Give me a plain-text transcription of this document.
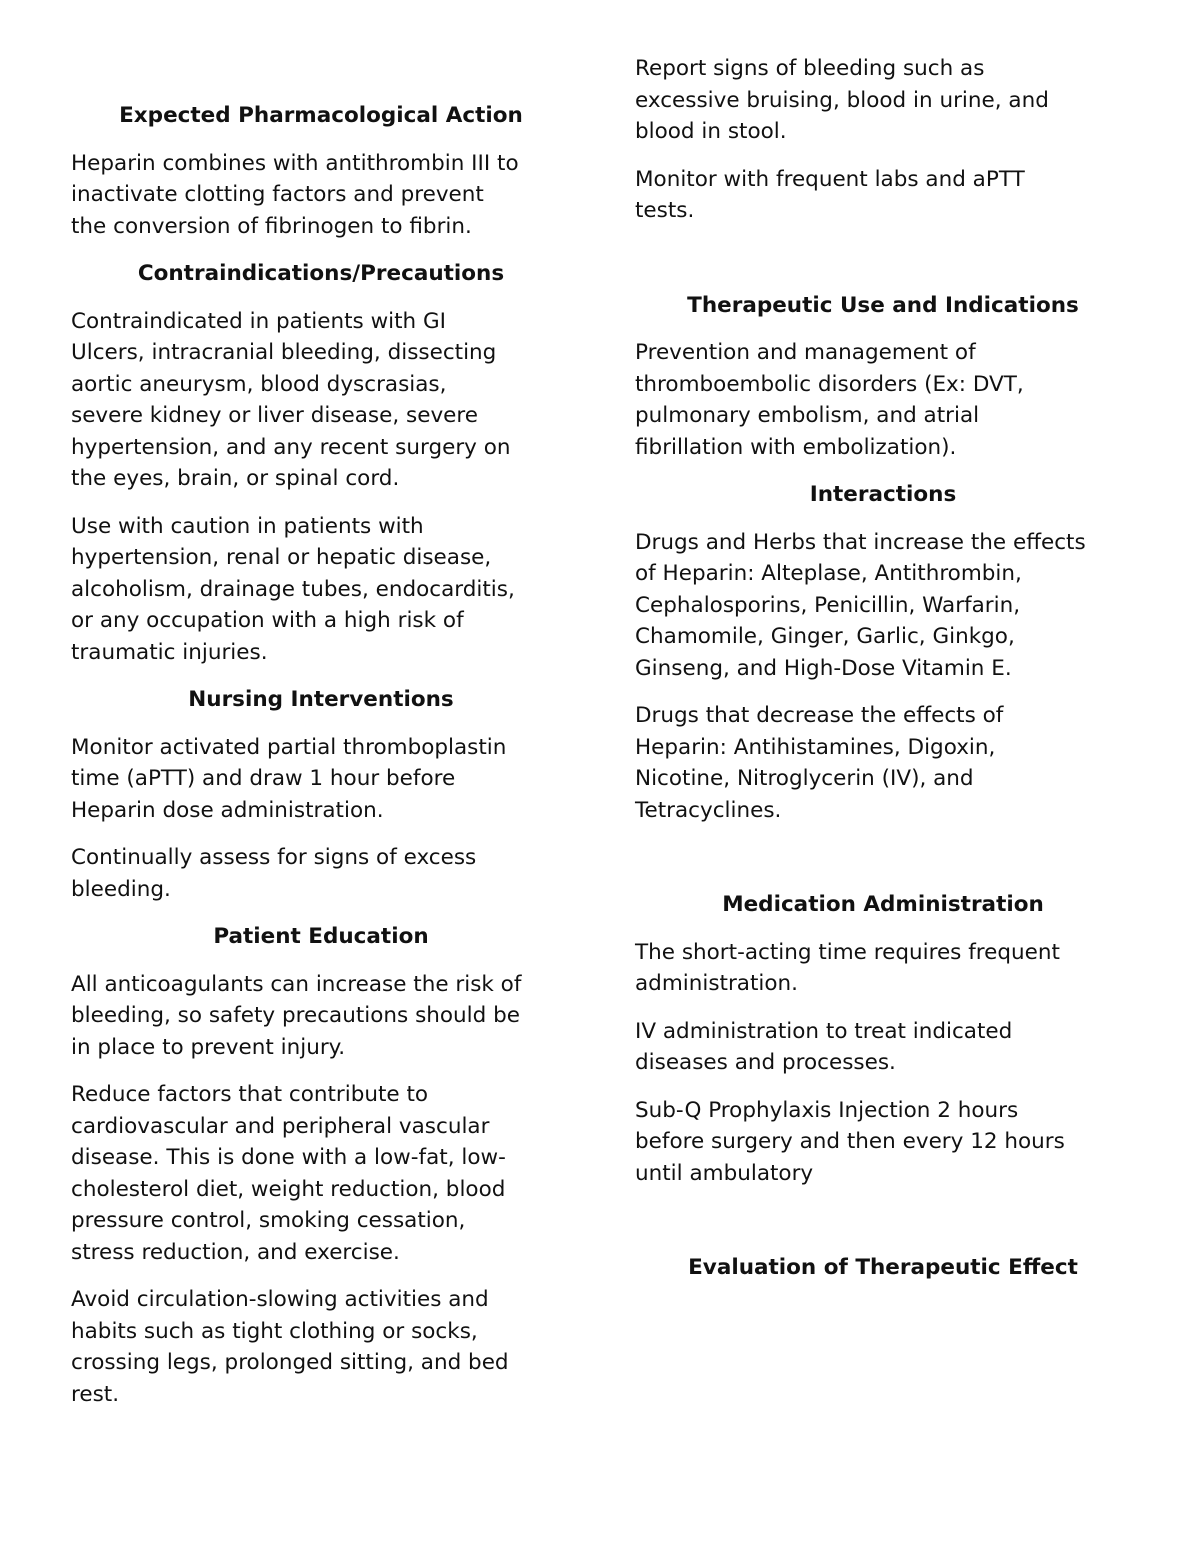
Expected Pharmacological Action
Heparin combines with antithrombin III to
inactivate clotting factors and prevent
the conversion of fibrinogen to fibrin.
Contraindications/Precautions
Contraindicated in patients with GI
Ulcers, intracranial bleeding, dissecting
aortic aneurysm, blood dyscrasias,
severe kidney or liver disease, severe
hypertension, and any recent surgery on
the eyes, brain, or spinal cord.
Use with caution in patients with
hypertension, renal or hepatic disease,
alcoholism, drainage tubes, endocarditis,
or any occupation with a high risk of
traumatic injuries.
Nursing Interventions
Monitor activated partial thromboplastin
time (aPTT) and draw 1 hour before
Heparin dose administration.
Continually assess for signs of excess
bleeding.
Patient Education
All anticoagulants can increase the risk of
bleeding, so safety precautions should be
in place to prevent injury.
Reduce factors that contribute to
cardiovascular and peripheral vascular
disease. This is done with a low-fat, low-
cholesterol diet, weight reduction, blood
pressure control, smoking cessation,
stress reduction, and exercise.
Avoid circulation-slowing activities and
habits such as tight clothing or socks,
crossing legs, prolonged sitting, and bed
rest.
Report signs of bleeding such as
excessive bruising, blood in urine, and
blood in stool.
Monitor with frequent labs and aPTT
tests.
Therapeutic Use and Indications
Prevention and management of
thromboembolic disorders (Ex: DVT,
pulmonary embolism, and atrial
fibrillation with embolization).
Interactions
Drugs and Herbs that increase the effects
of Heparin: Alteplase, Antithrombin,
Cephalosporins, Penicillin, Warfarin,
Chamomile, Ginger, Garlic, Ginkgo,
Ginseng, and High-Dose Vitamin E.
Drugs that decrease the effects of
Heparin: Antihistamines, Digoxin,
Nicotine, Nitroglycerin (IV), and
Tetracyclines.
Medication Administration
The short-acting time requires frequent
administration.
IV administration to treat indicated
diseases and processes.
Sub-Q Prophylaxis Injection 2 hours
before surgery and then every 12 hours
until ambulatory
Evaluation of Therapeutic Effect
